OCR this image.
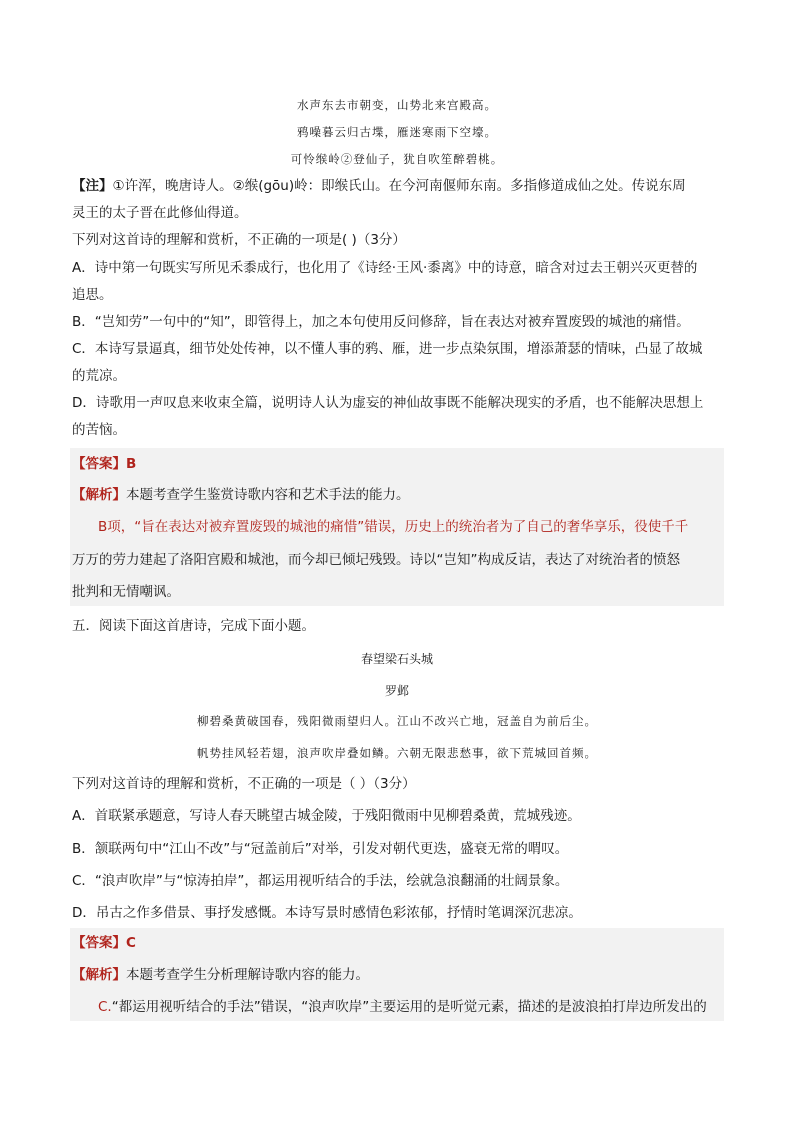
水声东去市朝变，山势北来宫殿高。
鸦噪暮云归古堞，雁迷寒雨下空壕。
可怜缑岭②登仙子，犹自吹笙醉碧桃。
【注】①许浑，晚唐诗人。②缑(gōu)岭：即缑氏山。在今河南偃师东南。多指修道成仙之处。传说东周
灵王的太子晋在此修仙得道。
下列对这首诗的理解和赏析，不正确的一项是( )（3分）
A．诗中第一句既实写所见禾黍成行，也化用了《诗经·王风·黍离》中的诗意，暗含对过去王朝兴灭更替的
追思。
B．“岂知劳”一句中的“知”，即管得上，加之本句使用反问修辞，旨在表达对被弃置废毁的城池的痛惜。
C．本诗写景逼真，细节处处传神，以不懂人事的鸦、雁，进一步点染氛围，增添萧瑟的情味，凸显了故城
的荒凉。
D．诗歌用一声叹息来收束全篇，说明诗人认为虚妄的神仙故事既不能解决现实的矛盾，也不能解决思想上
的苦恼。
【答案】B
【解析】本题考查学生鉴赏诗歌内容和艺术手法的能力。
B项，“旨在表达对被弃置废毁的城池的痛惜”错误，历史上的统治者为了自己的奢华享乐，役使千千
万万的劳力建起了洛阳宫殿和城池，而今却已倾圮残毁。诗以“岂知”构成反诘，表达了对统治者的愤怒
批判和无情嘲讽。
五．阅读下面这首唐诗，完成下面小题。
春望梁石头城
罗邺
柳碧桑黄破国春，残阳微雨望归人。江山不改兴亡地，冠盖自为前后尘。
帆势挂风轻若翅，浪声吹岸叠如鳞。六朝无限悲愁事，欲下荒城回首频。
下列对这首诗的理解和赏析，不正确的一项是（ ）（3分）
A．首联紧承题意，写诗人春天眺望古城金陵，于残阳微雨中见柳碧桑黄，荒城残迹。
B．颔联两句中“江山不改”与“冠盖前后”对举，引发对朝代更迭，盛衰无常的喟叹。
C．“浪声吹岸”与“惊涛拍岸”，都运用视听结合的手法，绘就急浪翻涌的壮阔景象。
D．吊古之作多借景、事抒发感慨。本诗写景时感情色彩浓郁，抒情时笔调深沉悲凉。
【答案】C
【解析】本题考查学生分析理解诗歌内容的能力。
C.“都运用视听结合的手法”错误，“浪声吹岸”主要运用的是听觉元素，描述的是波浪拍打岸边所发出的
